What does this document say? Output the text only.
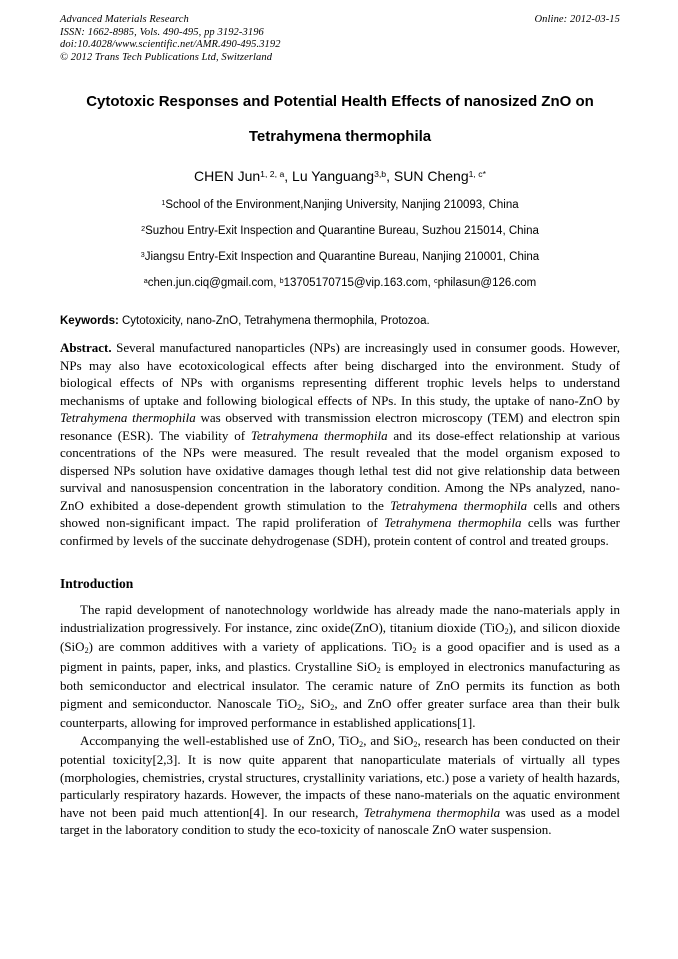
Advanced Materials Research
ISSN: 1662-8985, Vols. 490-495, pp 3192-3196
doi:10.4028/www.scientific.net/AMR.490-495.3192
© 2012 Trans Tech Publications Ltd, Switzerland
Online: 2012-03-15
Cytotoxic Responses and Potential Health Effects of nanosized ZnO on
Tetrahymena thermophila
CHEN Jun$^{1, 2, a}$, Lu Yanguang$^{3,b}$, SUN Cheng$^{1, c*}$
$^1$School of the Environment,Nanjing University, Nanjing 210093, China
$^2$Suzhou Entry-Exit Inspection and Quarantine Bureau, Suzhou 215014, China
$^3$Jiangsu Entry-Exit Inspection and Quarantine Bureau, Nanjing 210001, China
$^a$chen.jun.ciq@gmail.com, $^b$13705170715@vip.163.com, $^c$philasun@126.com

Keywords: Cytotoxicity, nano-ZnO, Tetrahymena thermophila, Protozoa.

Abstract. Several manufactured nanoparticles (NPs) are increasingly used in consumer goods. However, NPs may also have ecotoxicological effects after being discharged into the environment. Study of biological effects of NPs with organisms representing different trophic levels helps to understand mechanisms of uptake and following biological effects of NPs. In this study, the uptake of nano-ZnO by Tetrahymena thermophila was observed with transmission electron microscopy (TEM) and electron spin resonance (ESR). The viability of Tetrahymena thermophila and its dose-effect relationship at various concentrations of the NPs were measured. The result revealed that the model organism exposed to dispersed NPs solution have oxidative damages though lethal test did not give relationship data between survival and nanosuspension concentration in the laboratory condition. Among the NPs analyzed, nano-ZnO exhibited a dose-dependent growth stimulation to the Tetrahymena thermophila cells and others showed non-significant impact. The rapid proliferation of Tetrahymena thermophila cells was further confirmed by levels of the succinate dehydrogenase (SDH), protein content of control and treated groups.

Introduction

The rapid development of nanotechnology worldwide has already made the nano-materials apply in industrialization progressively. For instance, zinc oxide(ZnO), titanium dioxide (TiO2), and silicon dioxide (SiO2) are common additives with a variety of applications. TiO2 is a good opacifier and is used as a pigment in paints, paper, inks, and plastics. Crystalline SiO2 is employed in electronics manufacturing as both semiconductor and electrical insulator. The ceramic nature of ZnO permits its function as both pigment and semiconductor. Nanoscale TiO2, SiO2, and ZnO offer greater surface area than their bulk counterparts, allowing for improved performance in established applications[1].

Accompanying the well-established use of ZnO, TiO2, and SiO2, research has been conducted on their potential toxicity[2,3]. It is now quite apparent that nanoparticulate materials of virtually all types (morphologies, chemistries, crystal structures, crystallinity variations, etc.) pose a variety of health hazards, particularly respiratory hazards. However, the impacts of these nano-materials on the aquatic environment have not been paid much attention[4]. In our research, Tetrahymena thermophila was used as a model target in the laboratory condition to study the eco-toxicity of nanoscale ZnO water suspension.
